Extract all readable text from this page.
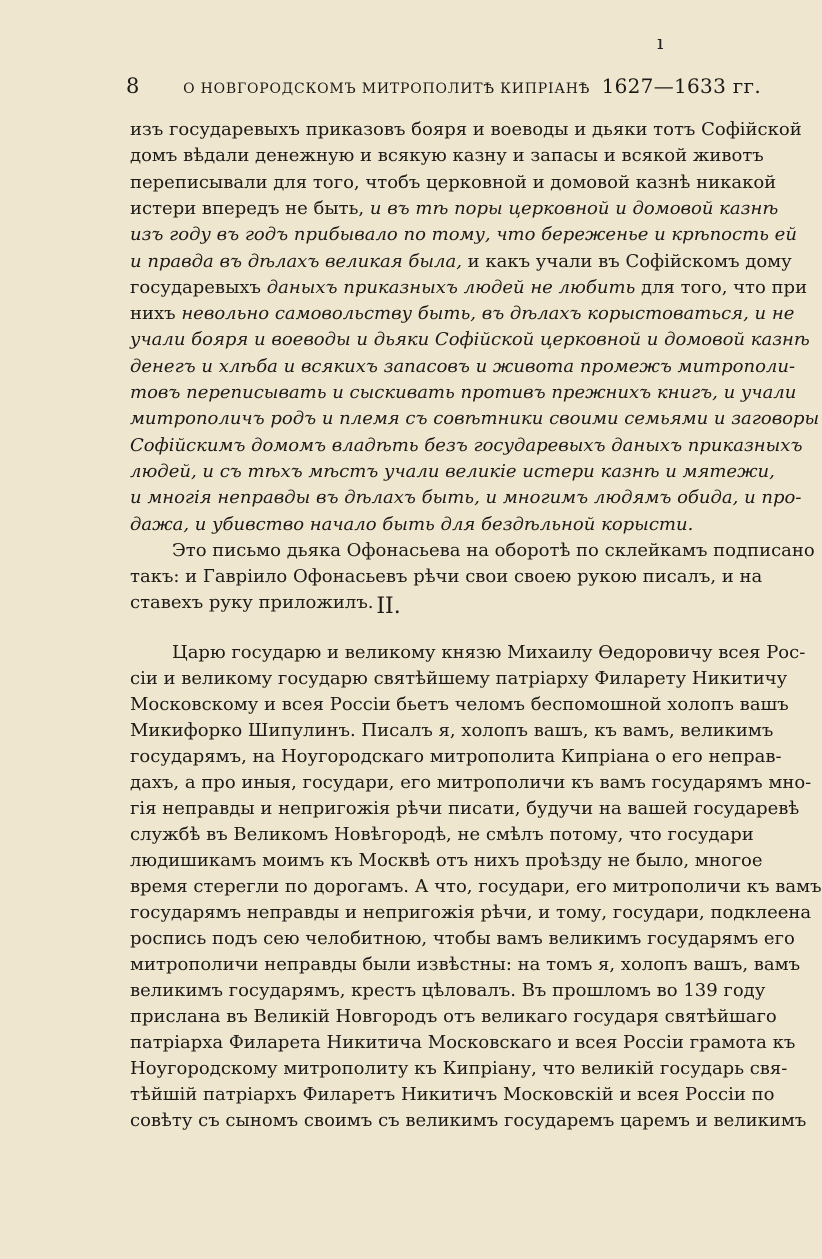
ı
8	О НОВГОРОДСКОМЪ МИТРОПОЛИТѢ КИПРІАНѢ 1627—1633 гг.
изъ государевыхъ приказовъ бояря и воеводы и дьяки тотъ Софійской
домъ вѣдали денежную и всякую казну и запасы и всякой животъ
переписывали для того, чтобъ церковной и домовой казнѣ никакой
истери впередъ не быть, и въ тѣ поры церковной и домовой казнѣ
изъ году въ годъ прибывало по тому, что береженье и крѣпость ей
и правда въ дѣлахъ великая была, и какъ учали въ Софійскомъ дому
государевыхъ даныхъ приказныхъ людей не любить для того, что при
нихъ невольно самовольству быть, въ дѣлахъ корыстоваться, и не
учали бояря и воеводы и дьяки Софійской церковной и домовой казнѣ
денегъ и хлѣба и всякихъ запасовъ и живота промежъ митрополи-
товъ переписывать и сыскивать противъ прежнихъ книгъ, и учали
митрополичъ родъ и племя съ совѣтники своими семьями и заговоры
Софійскимъ домомъ владѣть безъ государевыхъ даныхъ приказныхъ
людей, и съ тѣхъ мѣстъ учали великіе истери казнѣ и мятежи,
и многія неправды въ дѣлахъ быть, и многимъ людямъ обида, и про-
дажа, и убивство начало быть для бездѣльной корысти.
Это письмо дьяка Офонасьева на оборотѣ по склейкамъ подписано
такъ: и Гавріило Офонасьевъ рѣчи свои своею рукою писалъ, и на
ставехъ руку приложилъ. II.
Царю государю и великому князю Михаилу Ѳедоровичу всея Рос-
сіи и великому государю святѣйшему патріарху Филарету Никитичу
Московскому и всея Россіи бьетъ челомъ беспомошной холопъ вашъ
Микифорко Шипулинъ. Писалъ я, холопъ вашъ, къ вамъ, великимъ
государямъ, на Ноугородскаго митрополита Кипріана о его неправ-
дахъ, а про иныя, государи, его митрополичи къ вамъ государямъ мно-
гія неправды и непригожія рѣчи писати, будучи на вашей государевѣ
службѣ въ Великомъ Новѣгородѣ, не смѣлъ потому, что государи
людишикамъ моимъ къ Москвѣ отъ нихъ проѣзду не было, многое
время стерегли по дорогамъ. А что, государи, его митрополичи къ вамъ
государямъ неправды и непригожія рѣчи, и тому, государи, подклеена
роспись подъ сею челобитною, чтобы вамъ великимъ государямъ его
митрополичи неправды были извѣстны: на томъ я, холопъ вашъ, вамъ
великимъ государямъ, крестъ цѣловалъ. Въ прошломъ во 139 году
прислана въ Великій Новгородъ отъ великаго государя святѣйшаго
патріарха Филарета Никитича Московскаго и всея Россіи грамота къ
Ноугородскому митрополиту къ Кипріану, что великій государь свя-
тѣйшій патріархъ Филаретъ Никитичъ Московскій и всея Россіи по
совѣту съ сыномъ своимъ съ великимъ государемъ царемъ и великимъ
